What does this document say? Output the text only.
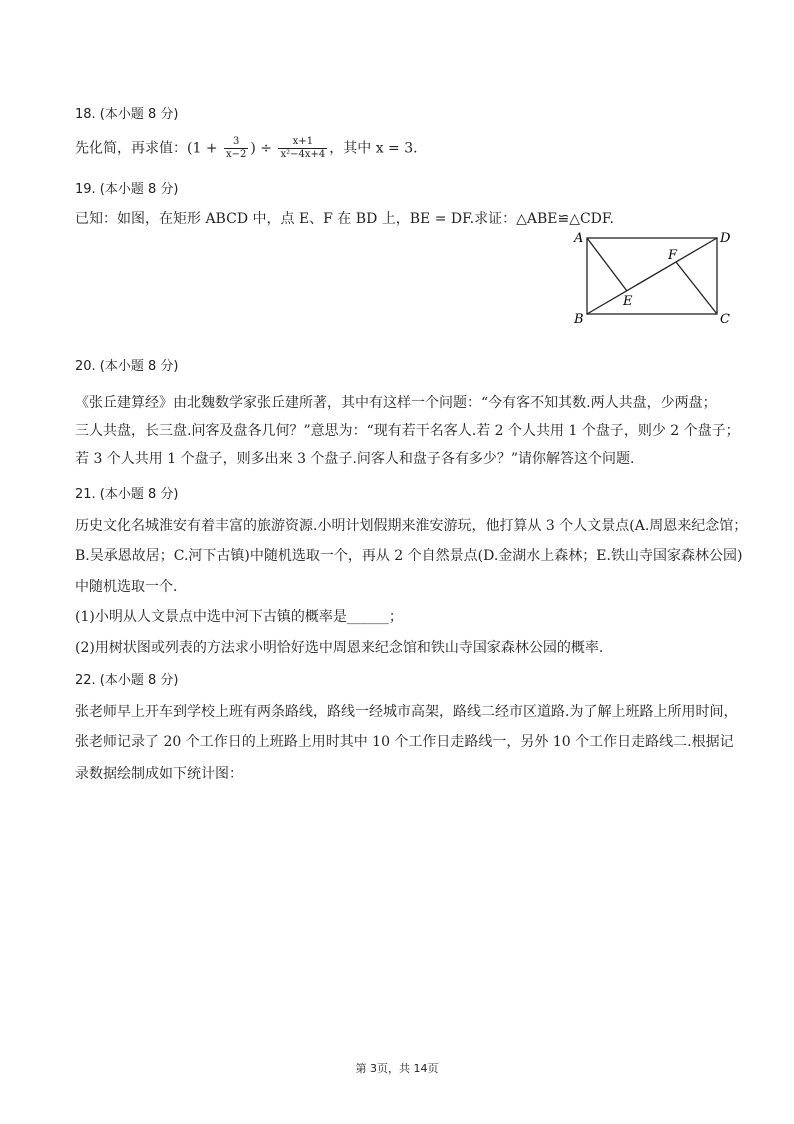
18. (本小题 8 分)
先化简，再求值：($1 + \frac{3}{x-2}$ ) ÷ $\frac{x+1}{\text{x²−4x+4}}$ ，其中 x = 3.
19. (本小题 8 分)
已知：如图，在矩形 ABCD 中，点 E、F 在 BD 上，BE = DF.求证：△ABE≌△CDF.
A
B	C
D
E
F
20. (本小题 8 分)
《张丘建算经》由北魏数学家张丘建所著，其中有这样一个问题：“今有客不知其数.两人共盘，少两盘；
三人共盘，长三盘.问客及盘各几何？”意思为：“现有若干名客人.若 2 个人共用 1 个盘子，则少 2 个盘子；
若 3 个人共用 1 个盘子，则多出来 3 个盘子.问客人和盘子各有多少？”请你解答这个问题.
21. (本小题 8 分)
历史文化名城淮安有着丰富的旅游资源.小明计划假期来淮安游玩，他打算从 3 个人文景点(A.周恩来纪念馆；
B.吴承恩故居；C.河下古镇)中随机选取一个，再从 2 个自然景点(D.金湖水上森林；E.铁山寺国家森林公园)
中随机选取一个.
(1)小明从人文景点中选中河下古镇的概率是______；
(2)用树状图或列表的方法求小明恰好选中周恩来纪念馆和铁山寺国家森林公园的概率.
22. (本小题 8 分)
张老师早上开车到学校上班有两条路线，路线一经城市高架，路线二经市区道路.为了解上班路上所用时间，
张老师记录了 20 个工作日的上班路上用时其中 10 个工作日走路线一，另外 10 个工作日走路线二.根据记
录数据绘制成如下统计图：
第 3页，共 14页
